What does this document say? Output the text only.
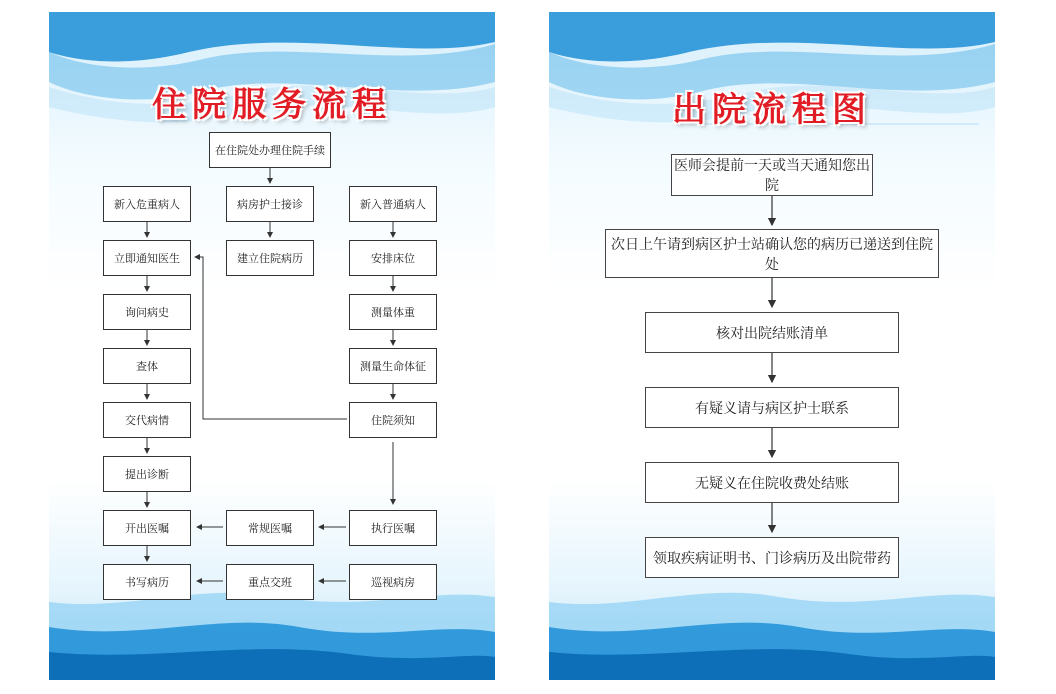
住院服务流程
在住院处办理住院手续
新入危重病人	病房护士接诊	新入普通病人
立即通知医生	建立住院病历	安排床位
询问病史	测量体重
查体	测量生命体征
交代病情	住院须知
提出诊断
开出医嘱	常规医嘱	执行医嘱
书写病历	重点交班	巡视病房
出院流程图
医师会提前一天或当天通知您出院
次日上午请到病区护士站确认您的病历已递送到住院处
核对出院结账清单
有疑义请与病区护士联系
无疑义在住院收费处结账
领取疾病证明书、门诊病历及出院带药
